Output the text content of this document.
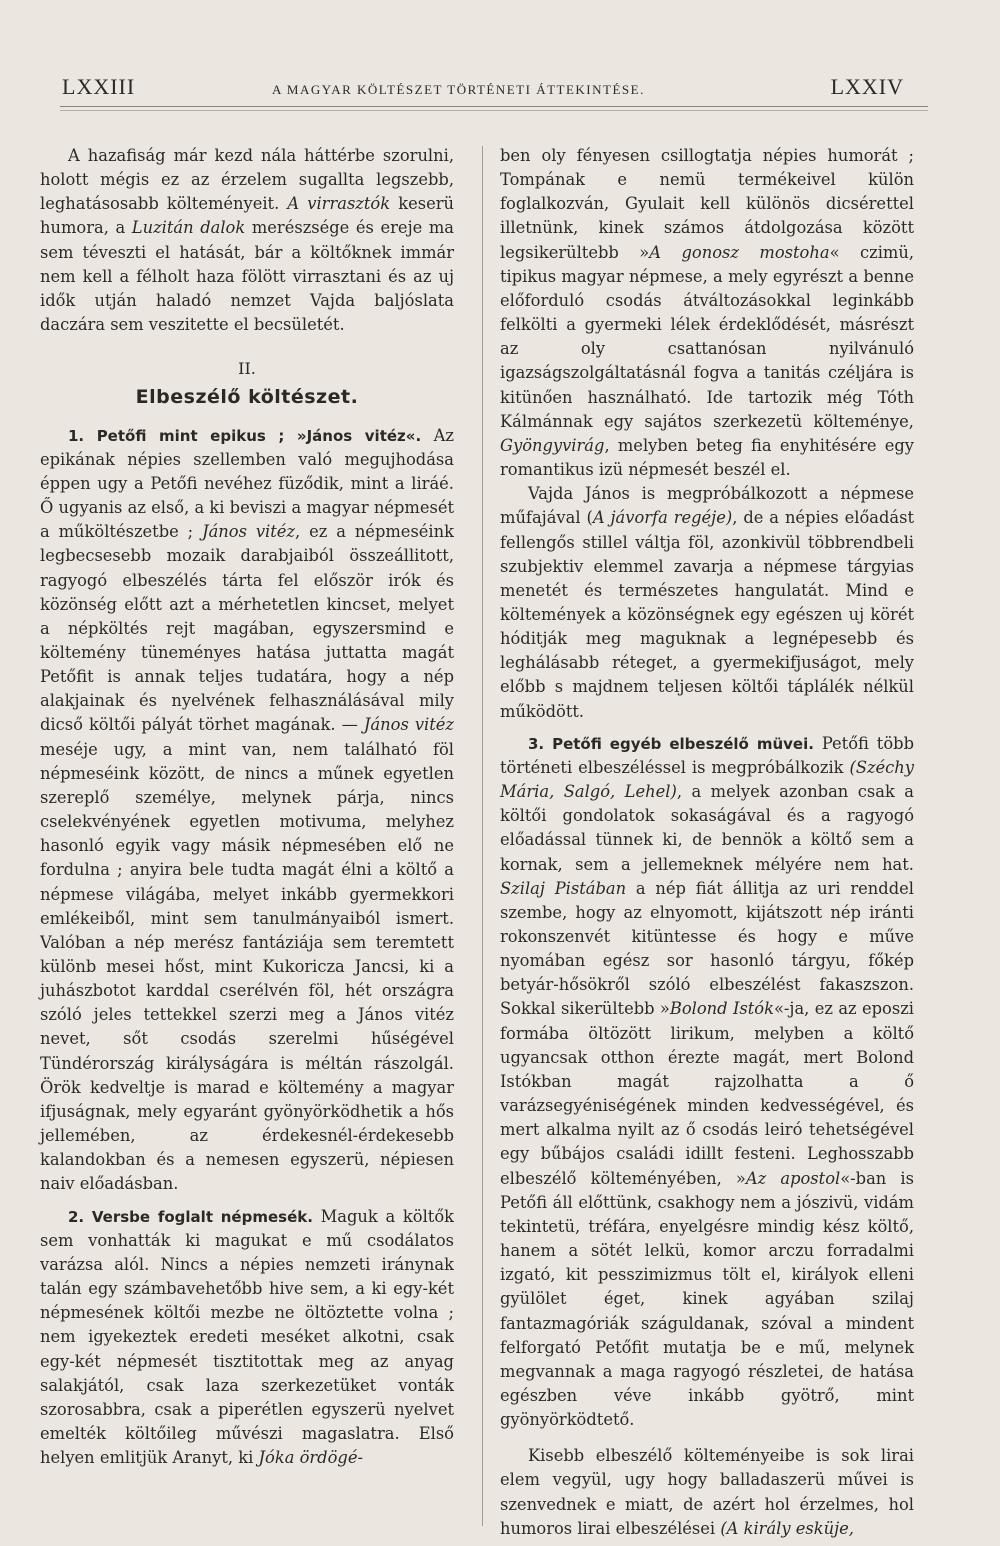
LXXIII	A MAGYAR KÖLTÉSZET TÖRTÉNETI ÁTTEKINTÉSE.	LXXIV

A hazafiság már kezd nála háttérbe szorulni, holott mégis ez az érzelem sugallta legszebb, leghatásosabb költeményeit. A virrasztók keserü humora, a Luzitán dalok merészsége és ereje ma sem téveszti el hatását, bár a költőknek immár nem kell a félholt haza fölött virrasztani és az uj idők utján haladó nemzet Vajda baljóslata daczára sem veszitette el becsületét.

II.
Elbeszélő költészet.

1. Petőfi mint epikus ; »János vitéz«. Az epikának népies szellemben való megujhodása éppen ugy a Petőfi nevéhez füződik, mint a liráé. Ő ugyanis az első, a ki beviszi a magyar népmesét a műköltészetbe ; János vitéz, ez a népmeséink legbecsesebb mozaik darabjaiból összeállitott, ragyogó elbeszélés tárta fel először irók és közönség előtt azt a mérhetetlen kincset, melyet a népköltés rejt magában, egyszersmind e költemény tüneményes hatása juttatta magát Petőfit is annak teljes tudatára, hogy a nép alakjainak és nyelvének felhasználásával mily dicső költői pályát törhet magának. — János vitéz meséje ugy, a mint van, nem található föl népmeséink között, de nincs a műnek egyetlen szereplő személye, melynek párja, nincs cselekvényének egyetlen motivuma, melyhez hasonló egyik vagy másik népmesében elő ne fordulna ; anyira bele tudta magát élni a költő a népmese világába, melyet inkább gyermekkori emlékeiből, mint sem tanulmányaiból ismert. Valóban a nép merész fantáziája sem teremtett különb mesei hőst, mint Kukoricza Jancsi, ki a juhászbotot karddal cserélvén föl, hét országra szóló jeles tettekkel szerzi meg a János vitéz nevet, sőt csodás szerelmi hűségével Tündérország királyságára is méltán rászolgál. Örök kedveltje is marad e költemény a magyar ifjuságnak, mely egyaránt gyönyörködhetik a hős jellemében, az érdekesnél-érdekesebb kalandokban és a nemesen egyszerü, népiesen naiv előadásban.

2. Versbe foglalt népmesék. Maguk a költők sem vonhatták ki magukat e mű csodálatos varázsa alól. Nincs a népies nemzeti iránynak talán egy számbavehetőbb hive sem, a ki egy-két népmesének költői mezbe ne öltöztette volna ; nem igyekeztek eredeti meséket alkotni, csak egy-két népmesét tisztitottak meg az anyag salakjától, csak laza szerkezetüket vonták szorosabbra, csak a piperétlen egyszerü nyelvet emelték költőileg művészi magaslatra. Első helyen emlitjük Aranyt, ki Jóka ördögé-

ben oly fényesen csillogtatja népies humorát ; Tompának e nemü termékeivel külön foglalkozván, Gyulait kell különös dicsérettel illetnünk, kinek számos átdolgozása között legsikerültebb »A gonosz mostoha« czimü, tipikus magyar népmese, a mely egyrészt a benne előforduló csodás átváltozásokkal leginkább felkölti a gyermeki lélek érdeklődését, másrészt az oly csattanósan nyilvánuló igazságszolgáltatásnál fogva a tanitás czéljára is kitünően használható. Ide tartozik még Tóth Kálmánnak egy sajátos szerkezetü költeménye, Gyöngyvirág, melyben beteg fia enyhitésére egy romantikus izü népmesét beszél el.

Vajda János is megpróbálkozott a népmese műfajával (A jávorfa regéje), de a népies előadást fellengős stillel váltja föl, azonkivül többrendbeli szubjektiv elemmel zavarja a népmese tárgyias menetét és természetes hangulatát. Mind e költemények a közönségnek egy egészen uj körét hóditják meg maguknak a legnépesebb és leghálásabb réteget, a gyermekifjuságot, mely előbb s majdnem teljesen költői táplálék nélkül működött.

3. Petőfi egyéb elbeszélő müvei. Petőfi több történeti elbeszéléssel is megpróbálkozik (Széchy Mária, Salgó, Lehel), a melyek azonban csak a költői gondolatok sokaságával és a ragyogó előadással tünnek ki, de bennök a költő sem a kornak, sem a jellemeknek mélyére nem hat. Szilaj Pistában a nép fiát állitja az uri renddel szembe, hogy az elnyomott, kijátszott nép iránti rokonszenvét kitüntesse és hogy e műve nyomában egész sor hasonló tárgyu, főkép betyár-hősökről szóló elbeszélést fakaszszon. Sokkal sikerültebb »Bolond Istók«-ja, ez az eposzi formába öltözött lirikum, melyben a költő ugyancsak otthon érezte magát, mert Bolond Istókban magát rajzolhatta a ő varázsegyéniségének minden kedvességével, és mert alkalma nyilt az ő csodás leiró tehetségével egy bűbájos családi idillt festeni. Leghosszabb elbeszélő költeményében, »Az apostol«-ban is Petőfi áll előttünk, csakhogy nem a jószivü, vidám tekintetü, tréfára, enyelgésre mindig kész költő, hanem a sötét lelkü, komor arczu forradalmi izgató, kit pesszimizmus tölt el, királyok elleni gyülölet éget, kinek agyában szilaj fantazmagóriák száguldanak, szóval a mindent felforgató Petőfit mutatja be e mű, melynek megvannak a maga ragyogó részletei, de hatása egészben véve inkább gyötrő, mint gyönyörködtető.

Kisebb elbeszélő költeményeibe is sok lirai elem vegyül, ugy hogy balladaszerü művei is szenvednek e miatt, de azért hol érzelmes, hol humoros lirai elbeszélései (A király esküje,
